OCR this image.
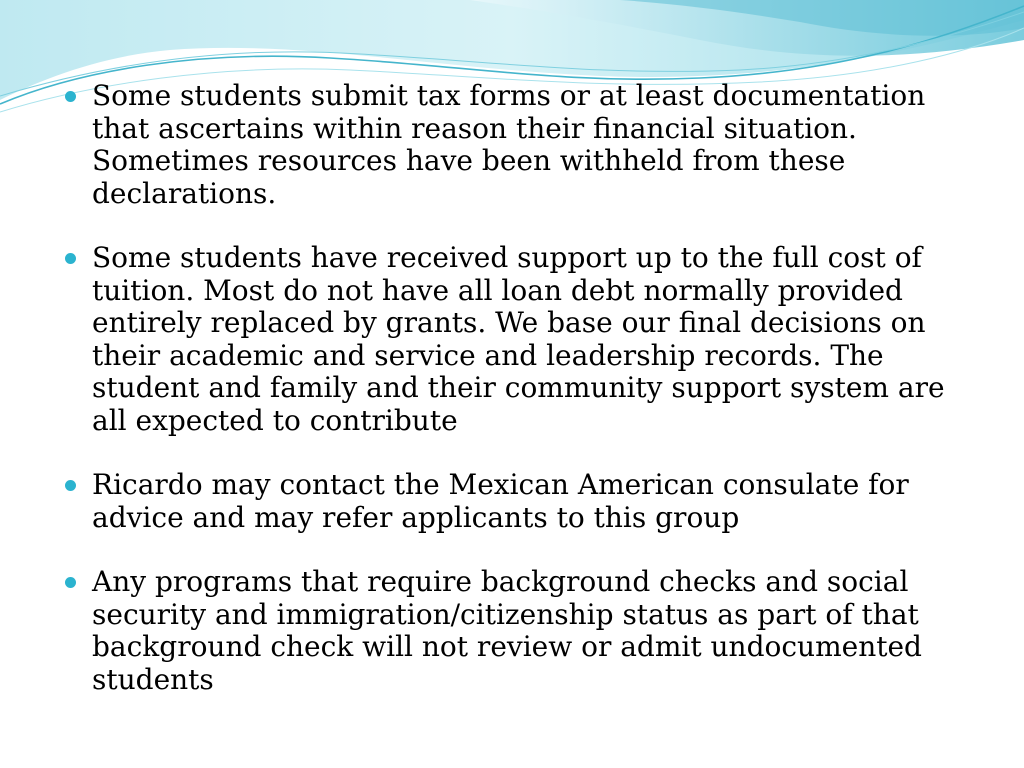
Some students submit tax forms or at least documentation that ascertains within reason their financial situation. Sometimes resources have been withheld from these declarations.
Some students have received support up to the full cost of tuition. Most do not have all loan debt normally provided entirely replaced by grants. We base our final decisions on their academic and service and leadership records. The student and family and their community support system are all expected to contribute
Ricardo may contact the Mexican American consulate for advice and may refer applicants to this group
Any programs that require background checks and social security and immigration/citizenship status as part of that background check will not review or admit undocumented students
